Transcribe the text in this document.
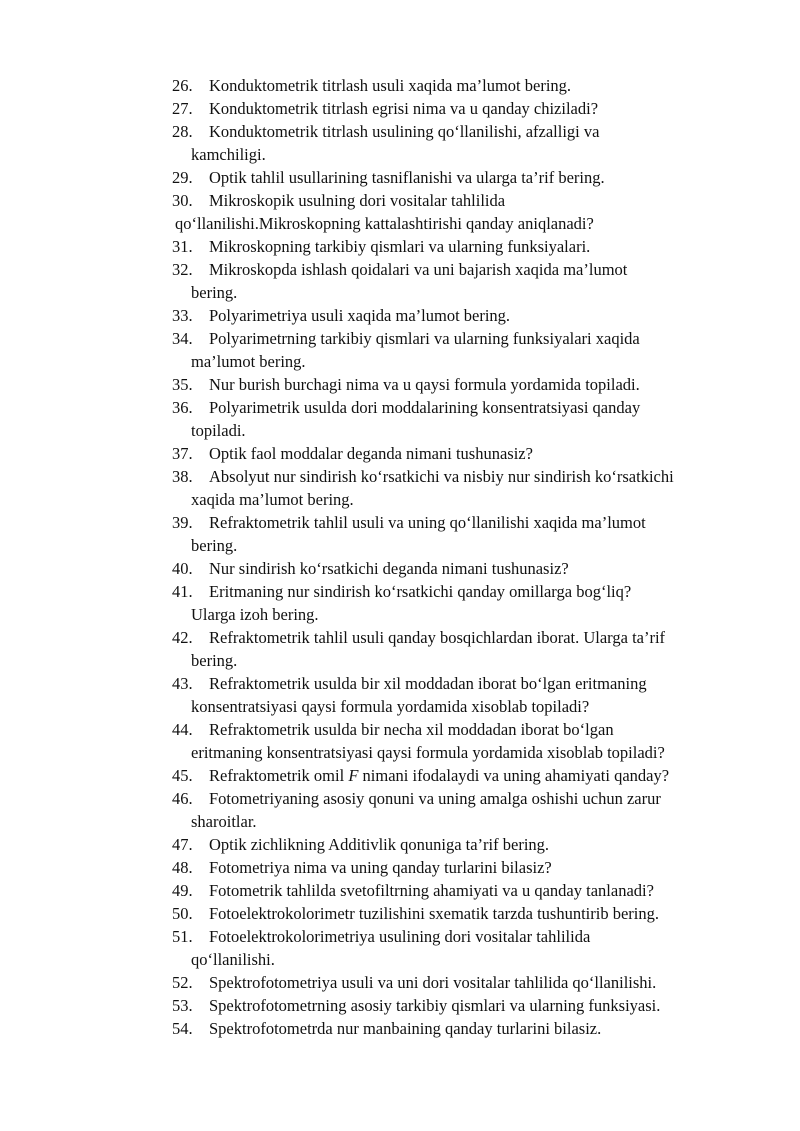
26. Konduktometrik titrlash usuli xaqida ma’lumot bering.
27. Konduktometrik titrlash egrisi nima va u qanday chiziladi?
28. Konduktometrik titrlash usulining qo‘llanilishi, afzalligi va
kamchiligi.
29. Optik tahlil usullarining tasniflanishi va ularga ta’rif bering.
30. Mikroskopik usulning dori vositalar tahlilida
qo‘llanilishi.Mikroskopning kattalashtirishi qanday aniqlanadi?
31. Mikroskopning tarkibiy qismlari va ularning funksiyalari.
32. Mikroskopda ishlash qoidalari va uni bajarish xaqida ma’lumot
bering.
33. Polyarimetriya usuli xaqida ma’lumot bering.
34. Polyarimetrning tarkibiy qismlari va ularning funksiyalari xaqida
ma’lumot bering.
35. Nur burish burchagi nima va u qaysi formula yordamida topiladi.
36. Polyarimetrik usulda dori moddalarining konsentratsiyasi qanday
topiladi.
37. Optik faol moddalar deganda nimani tushunasiz?
38. Absolyut nur sindirish ko‘rsatkichi va nisbiy nur sindirish ko‘rsatkichi
xaqida ma’lumot bering.
39. Refraktometrik tahlil usuli va uning qo‘llanilishi xaqida ma’lumot
bering.
40. Nur sindirish ko‘rsatkichi deganda nimani tushunasiz?
41. Eritmaning nur sindirish ko‘rsatkichi qanday omillarga bog‘liq?
Ularga izoh bering.
42. Refraktometrik tahlil usuli qanday bosqichlardan iborat. Ularga ta’rif
bering.
43. Refraktometrik usulda bir xil moddadan iborat bo‘lgan eritmaning
konsentratsiyasi qaysi formula yordamida xisoblab topiladi?
44. Refraktometrik usulda bir necha xil moddadan iborat bo‘lgan
eritmaning konsentratsiyasi qaysi formula yordamida xisoblab topiladi?
45. Refraktometrik omil F nimani ifodalaydi va uning ahamiyati qanday?
46. Fotometriyaning asosiy qonuni va uning amalga oshishi uchun zarur
sharoitlar.
47. Optik zichlikning Additivlik qonuniga ta’rif bering.
48. Fotometriya nima va uning qanday turlarini bilasiz?
49. Fotometrik tahlilda svetofiltrning ahamiyati va u qanday tanlanadi?
50. Fotoelektrokolorimetr tuzilishini sxematik tarzda tushuntirib bering.
51. Fotoelektrokolorimetriya usulining dori vositalar tahlilida
qo‘llanilishi.
52. Spektrofotometriya usuli va uni dori vositalar tahlilida qo‘llanilishi.
53. Spektrofotometrning asosiy tarkibiy qismlari va ularning funksiyasi.
54. Spektrofotometrda nur manbaining qanday turlarini bilasiz.
